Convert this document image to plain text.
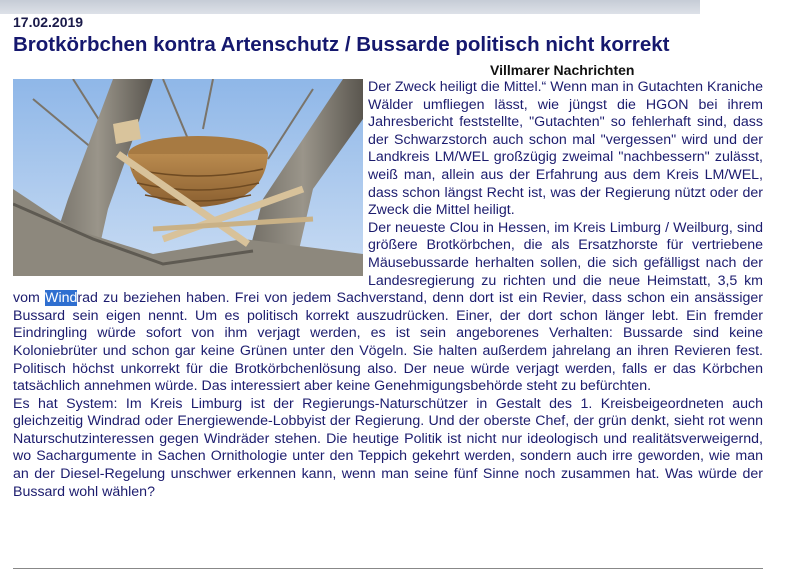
17.02.2019
Brotkörbchen kontra Artenschutz / Bussarde politisch nicht korrekt
Villmarer Nachrichten

Der Zweck heiligt die Mittel.“ Wenn man in Gutachten Kraniche Wälder umfliegen lässt, wie jüngst die HGON bei ihrem Jahresbericht feststellte, "Gutachten" so fehlerhaft sind, dass der Schwarzstorch auch schon mal "vergessen" wird und der Landkreis LM/WEL großzügig zweimal "nachbessern" zulässt, weiß man, allein aus der Erfahrung aus dem Kreis LM/WEL, dass schon längst Recht ist, was der Regierung nützt oder der Zweck die Mittel heiligt.

Der neueste Clou in Hessen, im Kreis Limburg / Weilburg, sind größere Brotkörbchen, die als Ersatzhorste für vertriebene Mäusebussarde herhalten sollen, die sich gefälligst nach der Landesregierung zu richten und die neue Heimstatt, 3,5 km vom Windrad zu beziehen haben. Frei von jedem Sachverstand, denn dort ist ein Revier, dass schon ein ansässiger Bussard sein eigen nennt. Um es politisch korrekt auszudrücken. Einer, der dort schon länger lebt. Ein fremder Eindringling würde sofort von ihm verjagt werden, es ist sein angeborenes Verhalten: Bussarde sind keine Koloniebrüter und schon gar keine Grünen unter den Vögeln. Sie halten außerdem jahrelang an ihren Revieren fest. Politisch höchst unkorrekt für die Brotkörbchenlösung also. Der neue würde verjagt werden, falls er das Körbchen tatsächlich annehmen würde. Das interessiert aber keine Genehmigungsbehörde steht zu befürchten.

Es hat System: Im Kreis Limburg ist der Regierungs-Naturschützer in Gestalt des 1. Kreisbeigeordneten auch gleichzeitig Windrad oder Energiewende-Lobbyist der Regierung. Und der oberste Chef, der grün denkt, sieht rot wenn Naturschutzinteressen gegen Windräder stehen. Die heutige Politik ist nicht nur ideologisch und realitätsverweigernd, wo Sachargumente in Sachen Ornithologie unter den Teppich gekehrt werden, sondern auch irre geworden, wie man an der Diesel-Regelung unschwer erkennen kann, wenn man seine fünf Sinne noch zusammen hat. Was würde der Bussard wohl wählen?
